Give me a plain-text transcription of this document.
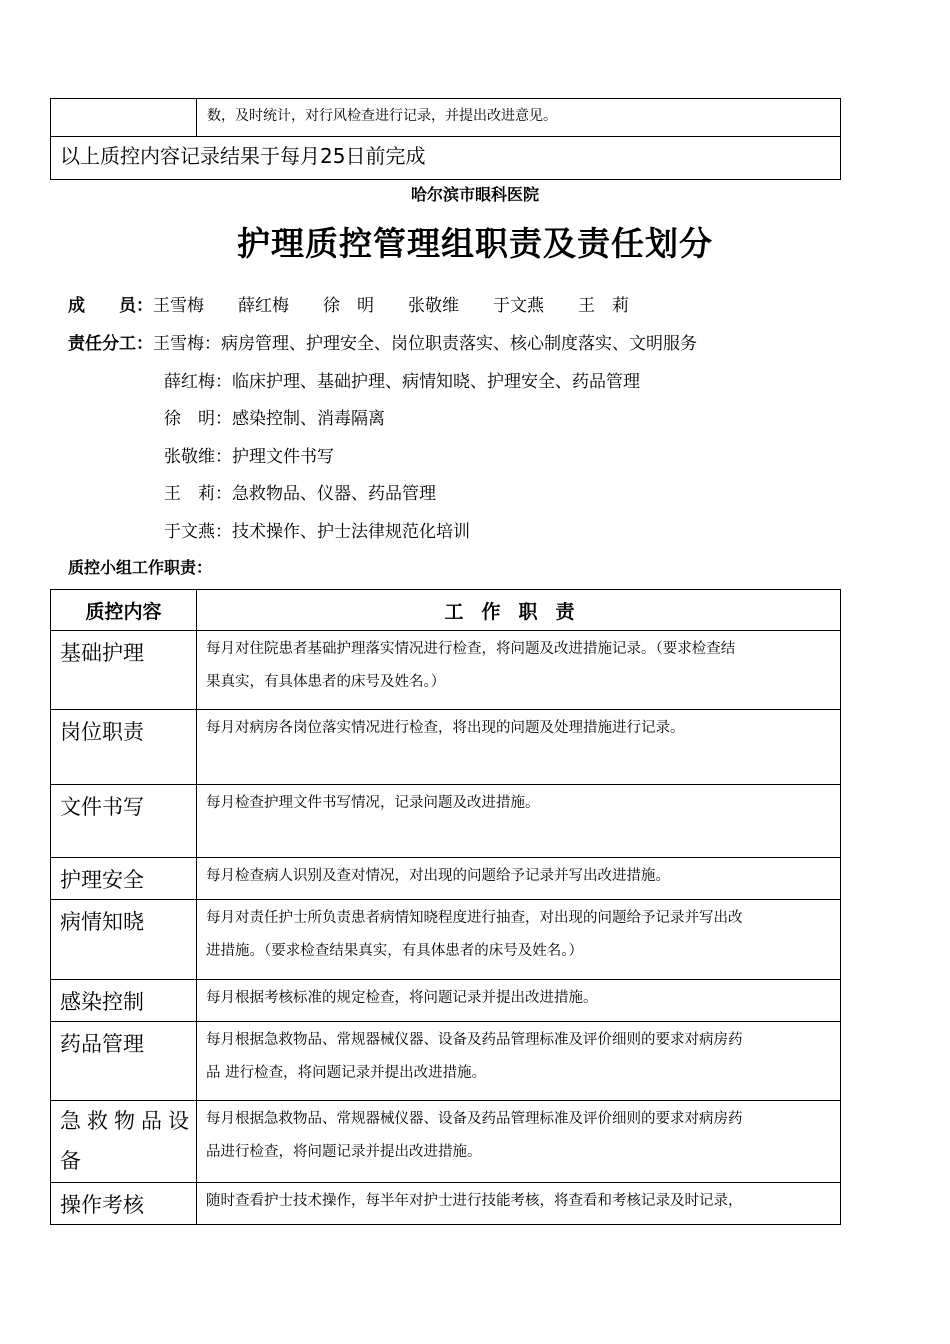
	数，及时统计，对行风检查进行记录，并提出改进意见。
以上质控内容记录结果于每月25日前完成
哈尔滨市眼科医院
护理质控管理组职责及责任划分
成　　员：王雪梅　　薛红梅　　徐　明　　张敬维　　于文燕　　王　莉
责任分工：王雪梅：病房管理、护理安全、岗位职责落实、核心制度落实、文明服务
薛红梅：临床护理、基础护理、病情知晓、护理安全、药品管理
徐　明：感染控制、消毒隔离
张敬维：护理文件书写
王　莉：急救物品、仪器、药品管理
于文燕：技术操作、护士法律规范化培训
质控小组工作职责：
质控内容	工作职责
基础护理	每月对住院患者基础护理落实情况进行检查，将问题及改进措施记录。（要求检查结
果真实，有具体患者的床号及姓名。）
岗位职责	每月对病房各岗位落实情况进行检查，将出现的问题及处理措施进行记录。

文件书写	每月检查护理文件书写情况，记录问题及改进措施。

护理安全	每月检查病人识别及查对情况，对出现的问题给予记录并写出改进措施。

病情知晓	每月对责任护士所负责患者病情知晓程度进行抽查，对出现的问题给予记录并写出改
进措施。（要求检查结果真实，有具体患者的床号及姓名。）
感染控制	每月根据考核标准的规定检查，将问题记录并提出改进措施。

药品管理	每月根据急救物品、常规器械仪器、设备及药品管理标准及评价细则的要求对病房药
品 进行检查，将问题记录并提出改进措施。
急救物品设备	每月根据急救物品、常规器械仪器、设备及药品管理标准及评价细则的要求对病房药
品进行检查，将问题记录并提出改进措施。
操作考核	随时查看护士技术操作，每半年对护士进行技能考核，将查看和考核记录及时记录，
